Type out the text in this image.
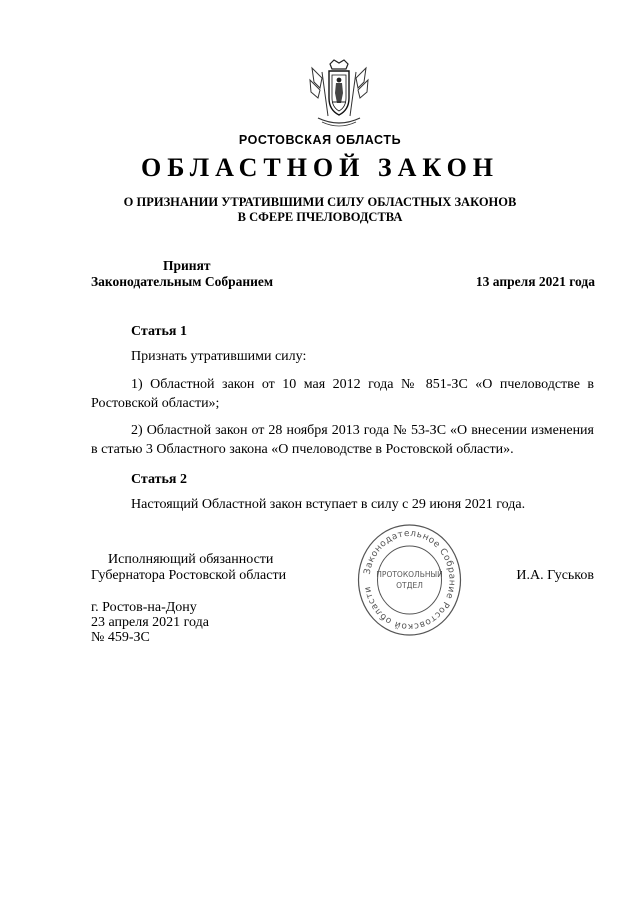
РОСТОВСКАЯ ОБЛАСТЬ
ОБЛАСТНОЙ ЗАКОН
О ПРИЗНАНИИ УТРАТИВШИМИ СИЛУ ОБЛАСТНЫХ ЗАКОНОВ
В СФЕРЕ ПЧЕЛОВОДСТВА
Принят
Законодательным Собранием	13 апреля 2021 года
Статья 1
Признать утратившими силу:
1) Областной закон от 10 мая 2012 года № 851-ЗС «О пчеловодстве в Ростовской области»;
2) Областной закон от 28 ноября 2013 года № 53-ЗС «О внесении изменения в статью 3 Областного закона «О пчеловодстве в Ростовской области».
Статья 2
Настоящий Областной закон вступает в силу с 29 июня 2021 года.
Исполняющий обязанности
Губернатора Ростовской области	И.А. Гуськов
г. Ростов-на-Дону
23 апреля 2021 года
№ 459-ЗС
Законодательное Собрание Ростовской области
ПРОТОКОЛЬНЫЙ
ОТДЕЛ
